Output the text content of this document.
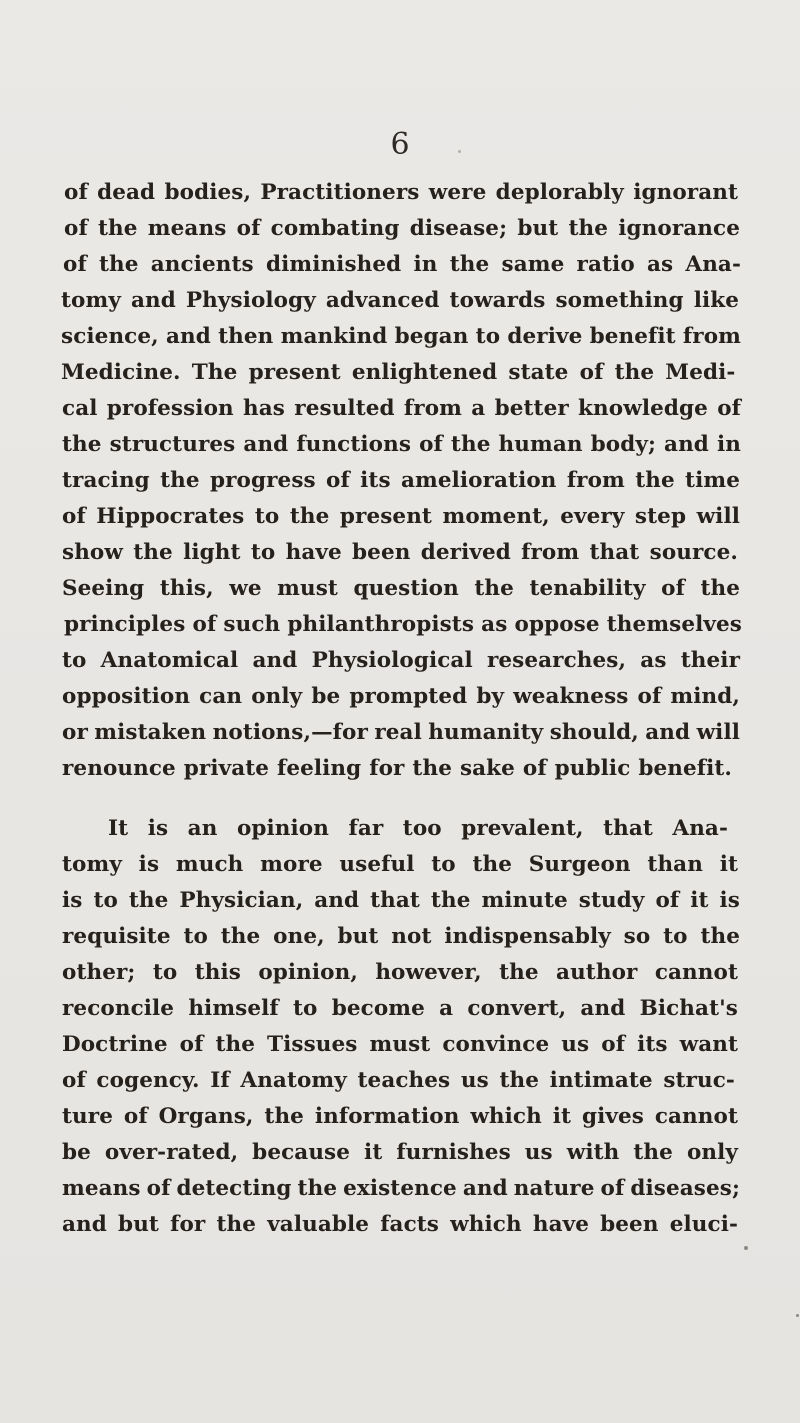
6
of dead bodies, Practitioners were deplorably ignorant
of the means of combating disease; but the ignorance
of the ancients diminished in the same ratio as Ana-
tomy and Physiology advanced towards something like
science, and then mankind began to derive benefit from
Medicine. The present enlightened state of the Medi-
cal profession has resulted from a better knowledge of
the structures and functions of the human body; and in
tracing the progress of its amelioration from the time
of Hippocrates to the present moment, every step will
show the light to have been derived from that source.
Seeing this, we must question the tenability of the
principles of such philanthropists as oppose themselves
to Anatomical and Physiological researches, as their
opposition can only be prompted by weakness of mind,
or mistaken notions,—for real humanity should, and will
renounce private feeling for the sake of public benefit.
It is an opinion far too prevalent, that Ana-
tomy is much more useful to the Surgeon than it
is to the Physician, and that the minute study of it is
requisite to the one, but not indispensably so to the
other; to this opinion, however, the author cannot
reconcile himself to become a convert, and Bichat's
Doctrine of the Tissues must convince us of its want
of cogency. If Anatomy teaches us the intimate struc-
ture of Organs, the information which it gives cannot
be over-rated, because it furnishes us with the only
means of detecting the existence and nature of diseases;
and but for the valuable facts which have been eluci-
